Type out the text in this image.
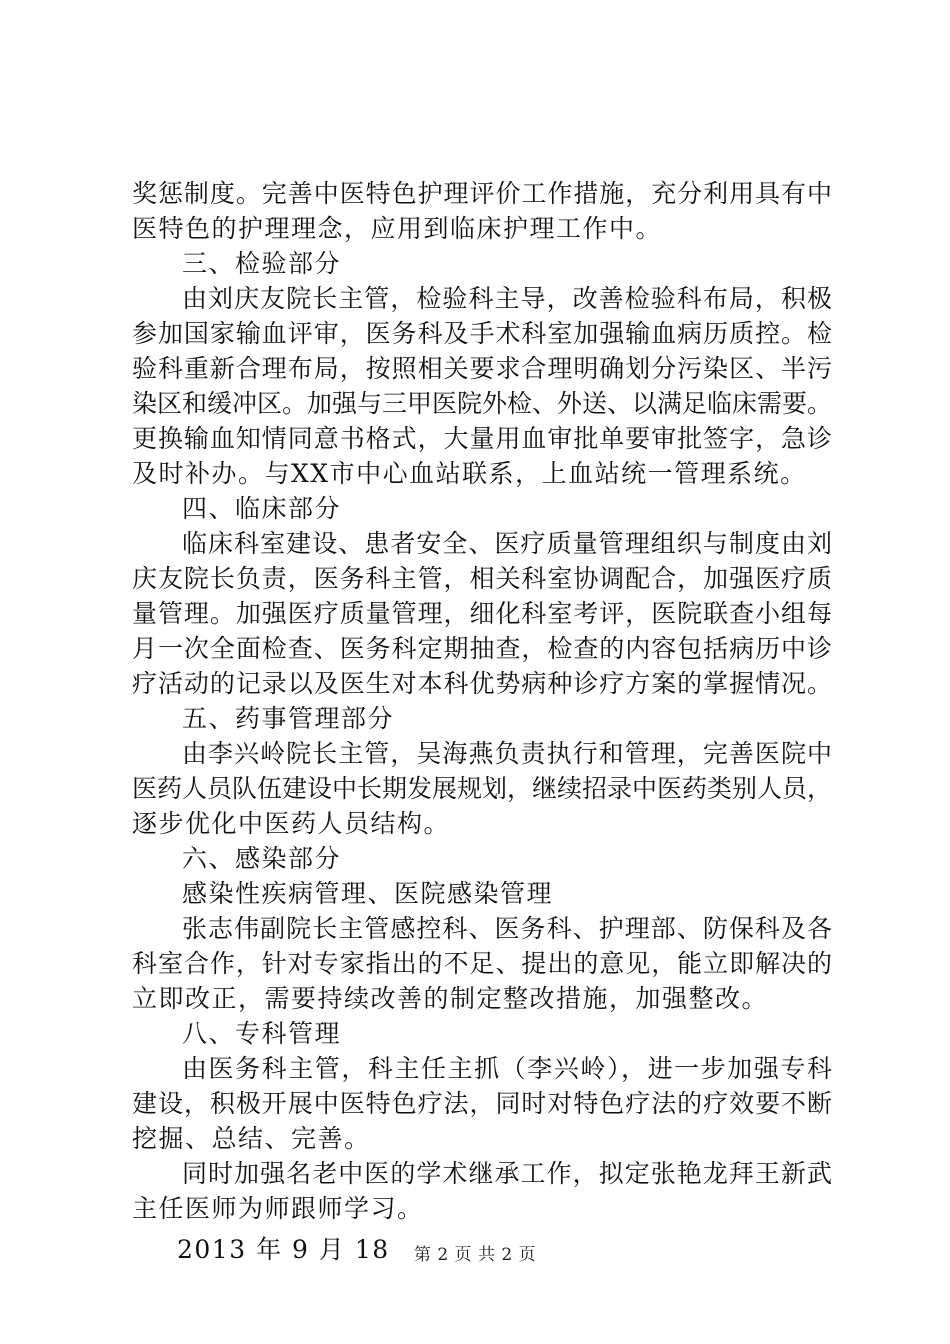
奖惩制度。完善中医特色护理评价工作措施，充分利用具有中
医特色的护理理念，应用到临床护理工作中。
三、检验部分
由刘庆友院长主管，检验科主导，改善检验科布局，积极
参加国家输血评审，医务科及手术科室加强输血病历质控。检
验科重新合理布局，按照相关要求合理明确划分污染区、半污
染区和缓冲区。加强与三甲医院外检、外送、以满足临床需要。
更换输血知情同意书格式，大量用血审批单要审批签字，急诊
及时补办。与XX市中心血站联系，上血站统一管理系统。
四、临床部分
临床科室建设、患者安全、医疗质量管理组织与制度由刘
庆友院长负责，医务科主管，相关科室协调配合，加强医疗质
量管理。加强医疗质量管理，细化科室考评，医院联查小组每
月一次全面检查、医务科定期抽查，检查的内容包括病历中诊
疗活动的记录以及医生对本科优势病种诊疗方案的掌握情况。
五、药事管理部分
由李兴岭院长主管，吴海燕负责执行和管理，完善医院中
医药人员队伍建设中长期发展规划，继续招录中医药类别人员，
逐步优化中医药人员结构。
六、感染部分
感染性疾病管理、医院感染管理
张志伟副院长主管感控科、医务科、护理部、防保科及各
科室合作，针对专家指出的不足、提出的意见，能立即解决的
立即改正，需要持续改善的制定整改措施，加强整改。
八、专科管理
由医务科主管，科主任主抓（李兴岭），进一步加强专科
建设，积极开展中医特色疗法，同时对特色疗法的疗效要不断
挖掘、总结、完善。
同时加强名老中医的学术继承工作，拟定张艳龙拜王新武
主任医师为师跟师学习。
2013 年 9 月 18	第 2 页 共 2 页
